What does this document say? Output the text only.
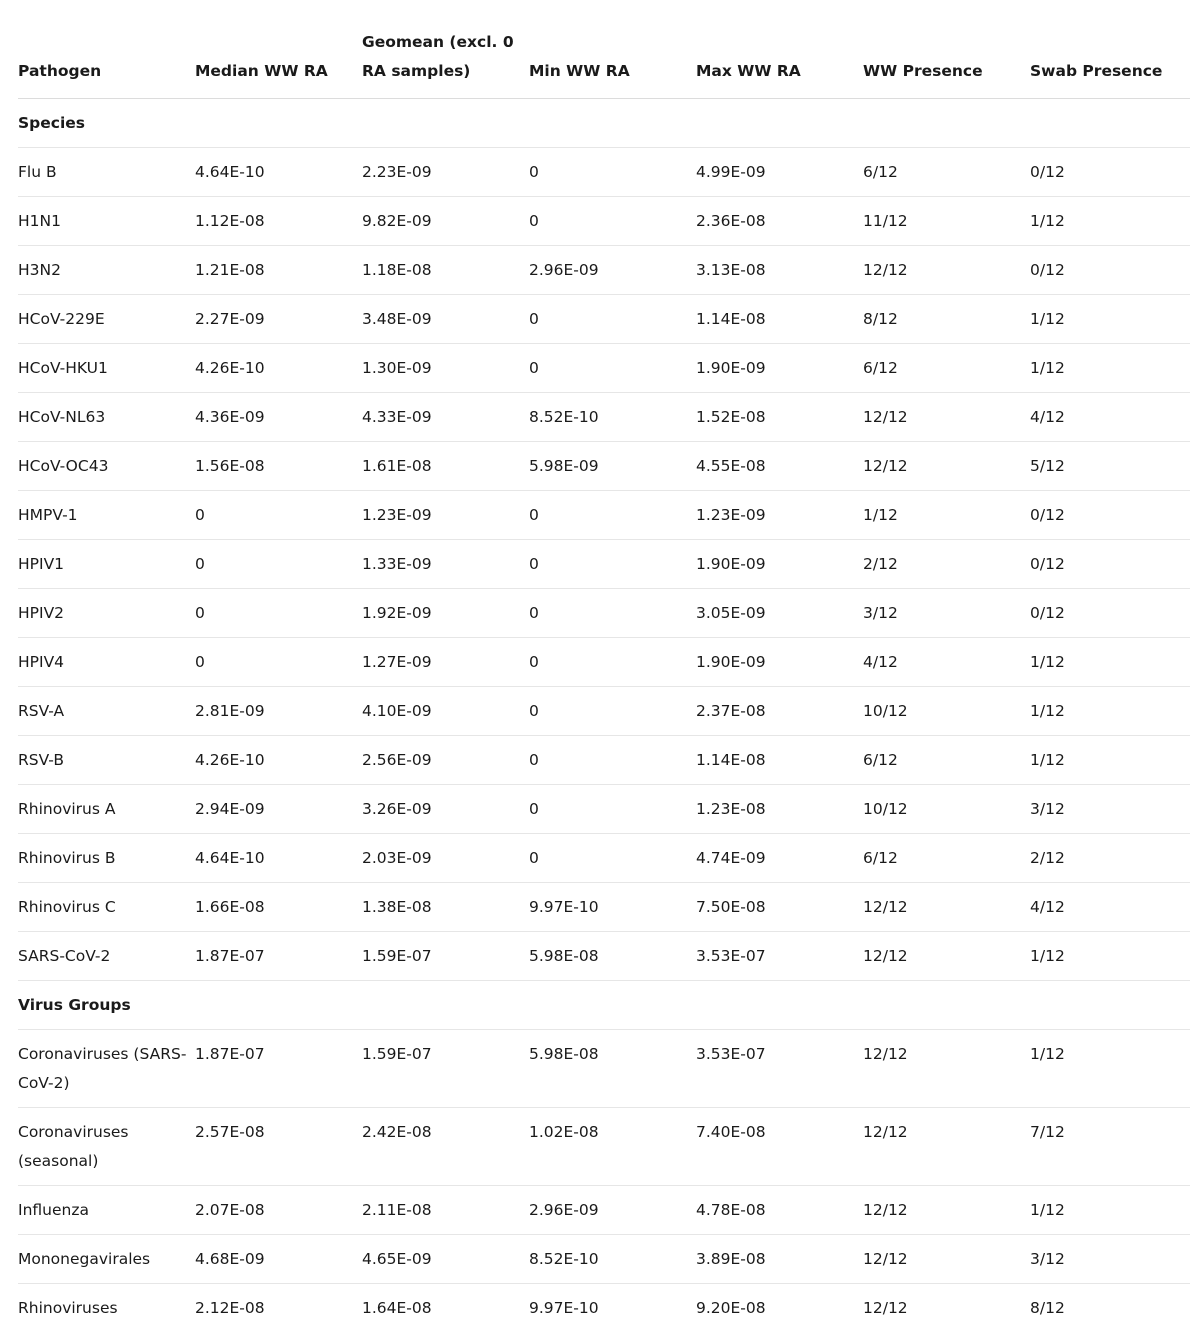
Pathogen	Median WW RA	Geomean (excl. 0 RA samples)	Min WW RA	Max WW RA	WW Presence	Swab Presence
Species						
Flu B	4.64E-10	2.23E-09	0	4.99E-09	6/12	0/12
H1N1	1.12E-08	9.82E-09	0	2.36E-08	11/12	1/12
H3N2	1.21E-08	1.18E-08	2.96E-09	3.13E-08	12/12	0/12
HCoV-229E	2.27E-09	3.48E-09	0	1.14E-08	8/12	1/12
HCoV-HKU1	4.26E-10	1.30E-09	0	1.90E-09	6/12	1/12
HCoV-NL63	4.36E-09	4.33E-09	8.52E-10	1.52E-08	12/12	4/12
HCoV-OC43	1.56E-08	1.61E-08	5.98E-09	4.55E-08	12/12	5/12
HMPV-1	0	1.23E-09	0	1.23E-09	1/12	0/12
HPIV1	0	1.33E-09	0	1.90E-09	2/12	0/12
HPIV2	0	1.92E-09	0	3.05E-09	3/12	0/12
HPIV4	0	1.27E-09	0	1.90E-09	4/12	1/12
RSV-A	2.81E-09	4.10E-09	0	2.37E-08	10/12	1/12
RSV-B	4.26E-10	2.56E-09	0	1.14E-08	6/12	1/12
Rhinovirus A	2.94E-09	3.26E-09	0	1.23E-08	10/12	3/12
Rhinovirus B	4.64E-10	2.03E-09	0	4.74E-09	6/12	2/12
Rhinovirus C	1.66E-08	1.38E-08	9.97E-10	7.50E-08	12/12	4/12
SARS-CoV-2	1.87E-07	1.59E-07	5.98E-08	3.53E-07	12/12	1/12
Virus Groups						
Coronaviruses (SARS-CoV-2)	1.87E-07	1.59E-07	5.98E-08	3.53E-07	12/12	1/12
Coronaviruses (seasonal)	2.57E-08	2.42E-08	1.02E-08	7.40E-08	12/12	7/12
Influenza	2.07E-08	2.11E-08	2.96E-09	4.78E-08	12/12	1/12
Mononegavirales	4.68E-09	4.65E-09	8.52E-10	3.89E-08	12/12	3/12
Rhinoviruses	2.12E-08	1.64E-08	9.97E-10	9.20E-08	12/12	8/12
